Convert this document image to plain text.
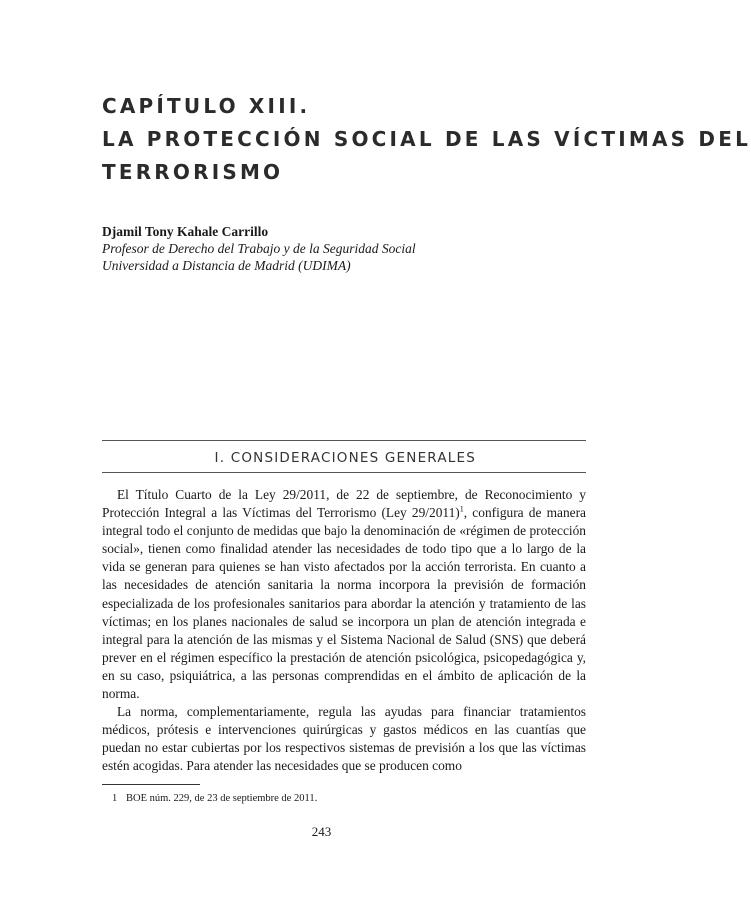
CAPÍTULO XIII.
LA PROTECCIÓN SOCIAL DE LAS VÍCTIMAS DEL
TERRORISMO
Djamil Tony Kahale Carrillo
Profesor de Derecho del Trabajo y de la Seguridad Social
Universidad a Distancia de Madrid (UDIMA)
I. CONSIDERACIONES GENERALES

El Título Cuarto de la Ley 29/2011, de 22 de septiembre, de Reconocimiento y Protección Integral a las Víctimas del Terrorismo (Ley 29/2011)$^1$, configura de manera integral todo el conjunto de medidas que bajo la denominación de «régimen de protección social», tienen como finalidad atender las necesidades de todo tipo que a lo largo de la vida se generan para quienes se han visto afectados por la acción terrorista. En cuanto a las necesidades de atención sanitaria la norma incorpora la previsión de formación especializada de los profesionales sanitarios para abordar la atención y tratamiento de las víctimas; en los planes nacionales de salud se incorpora un plan de atención integrada e integral para la atención de las mismas y el Sistema Nacional de Salud (SNS) que deberá prever en el régimen específico la prestación de atención psicológica, psicopedagógica y, en su caso, psiquiátrica, a las personas comprendidas en el ámbito de aplicación de la norma.

La norma, complementariamente, regula las ayudas para financiar tratamientos médicos, prótesis e intervenciones quirúrgicas y gastos médicos en las cuantías que puedan no estar cubiertas por los respectivos sistemas de previsión a los que las víctimas estén acogidas. Para atender las necesidades que se producen como

1 BOE núm. 229, de 23 de septiembre de 2011.
243
